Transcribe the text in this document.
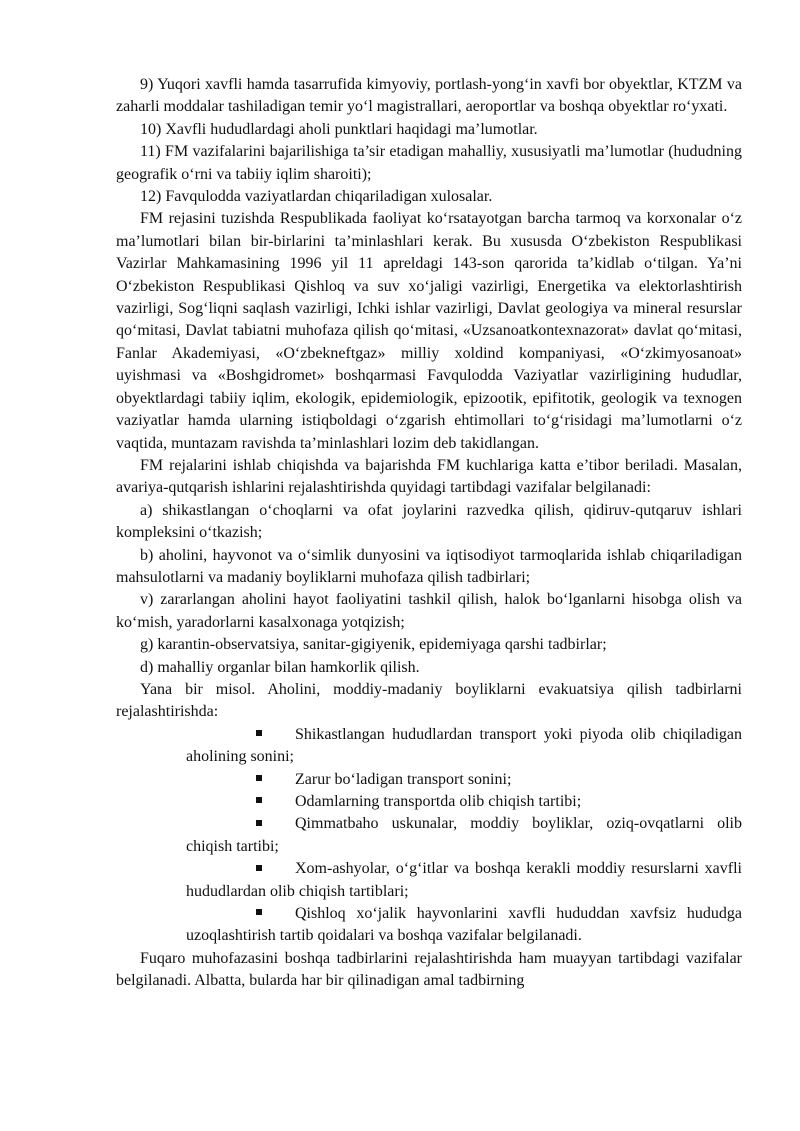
9) Yuqori xavfli hamda tasarrufida kimyoviy, portlash-yong‘in xavfi bor obyektlar, KTZM va zaharli moddalar tashiladigan temir yo‘l magistrallari, aeroportlar va boshqa obyektlar ro‘yxati.

10) Xavfli hududlardagi aholi punktlari haqidagi ma’lumotlar.

11) FM vazifalarini bajarilishiga ta’sir etadigan mahalliy, xususiyatli ma’lumotlar (hududning geografik o‘rni va tabiiy iqlim sharoiti);

12) Favqulodda vaziyatlardan chiqariladigan xulosalar.

FM rejasini tuzishda Respublikada faoliyat ko‘rsatayotgan barcha tarmoq va korxonalar o‘z ma’lumotlari bilan bir-birlarini ta’minlashlari kerak. Bu xususda O‘zbekiston Respublikasi Vazirlar Mahkamasining 1996 yil 11 apreldagi 143-son qarorida ta’kidlab o‘tilgan. Ya’ni O‘zbekiston Respublikasi Qishloq va suv xo‘jaligi vazirligi, Energetika va elektorlashtirish vazirligi, Sog‘liqni saqlash vazirligi, Ichki ishlar vazirligi, Davlat geologiya va mineral resurslar qo‘mitasi, Davlat tabiatni muhofaza qilish qo‘mitasi, «Uzsanoatkontexnazorat» davlat qo‘mitasi, Fanlar Akademiyasi, «O‘zbekneftgaz» milliy xoldind kompaniyasi, «O‘zkimyosanoat» uyishmasi va «Boshgidromet» boshqarmasi Favqulodda Vaziyatlar vazirligining hududlar, obyektlardagi tabiiy iqlim, ekologik, epidemiologik, epizootik, epifitotik, geologik va texnogen vaziyatlar hamda ularning istiqboldagi o‘zgarish ehtimollari to‘g‘risidagi ma’lumotlarni o‘z vaqtida, muntazam ravishda ta’minlashlari lozim deb takidlangan.

FM rejalarini ishlab chiqishda va bajarishda FM kuchlariga katta e’tibor beriladi. Masalan, avariya-qutqarish ishlarini rejalashtirishda quyidagi tartibdagi vazifalar belgilanadi:

a) shikastlangan o‘choqlarni va ofat joylarini razvedka qilish, qidiruv-qutqaruv ishlari kompleksini o‘tkazish;

b) aholini, hayvonot va o‘simlik dunyosini va iqtisodiyot tarmoqlarida ishlab chiqariladigan mahsulotlarni va madaniy boyliklarni muhofaza qilish tadbirlari;

v) zararlangan aholini hayot faoliyatini tashkil qilish, halok bo‘lganlarni hisobga olish va ko‘mish, yaradorlarni kasalxonaga yotqizish;

g) karantin-observatsiya, sanitar-gigiyenik, epidemiyaga qarshi tadbirlar;

d) mahalliy organlar bilan hamkorlik qilish.

Yana bir misol. Aholini, moddiy-madaniy boyliklarni evakuatsiya qilish tadbirlarni rejalashtirishda:

Shikastlangan hududlardan transport yoki piyoda olib chiqiladigan aholining sonini;
Zarur bo‘ladigan transport sonini;
Odamlarning transportda olib chiqish tartibi;
Qimmatbaho uskunalar, moddiy boyliklar, oziq-ovqatlarni olib chiqish tartibi;
Xom-ashyolar, o‘g‘itlar va boshqa kerakli moddiy resurslarni xavfli hududlardan olib chiqish tartiblari;
Qishloq xo‘jalik hayvonlarini xavfli hududdan xavfsiz hududga uzoqlashtirish tartib qoidalari va boshqa vazifalar belgilanadi.

Fuqaro muhofazasini boshqa tadbirlarini rejalashtirishda ham muayyan tartibdagi vazifalar belgilanadi. Albatta, bularda har bir qilinadigan amal tadbirning
